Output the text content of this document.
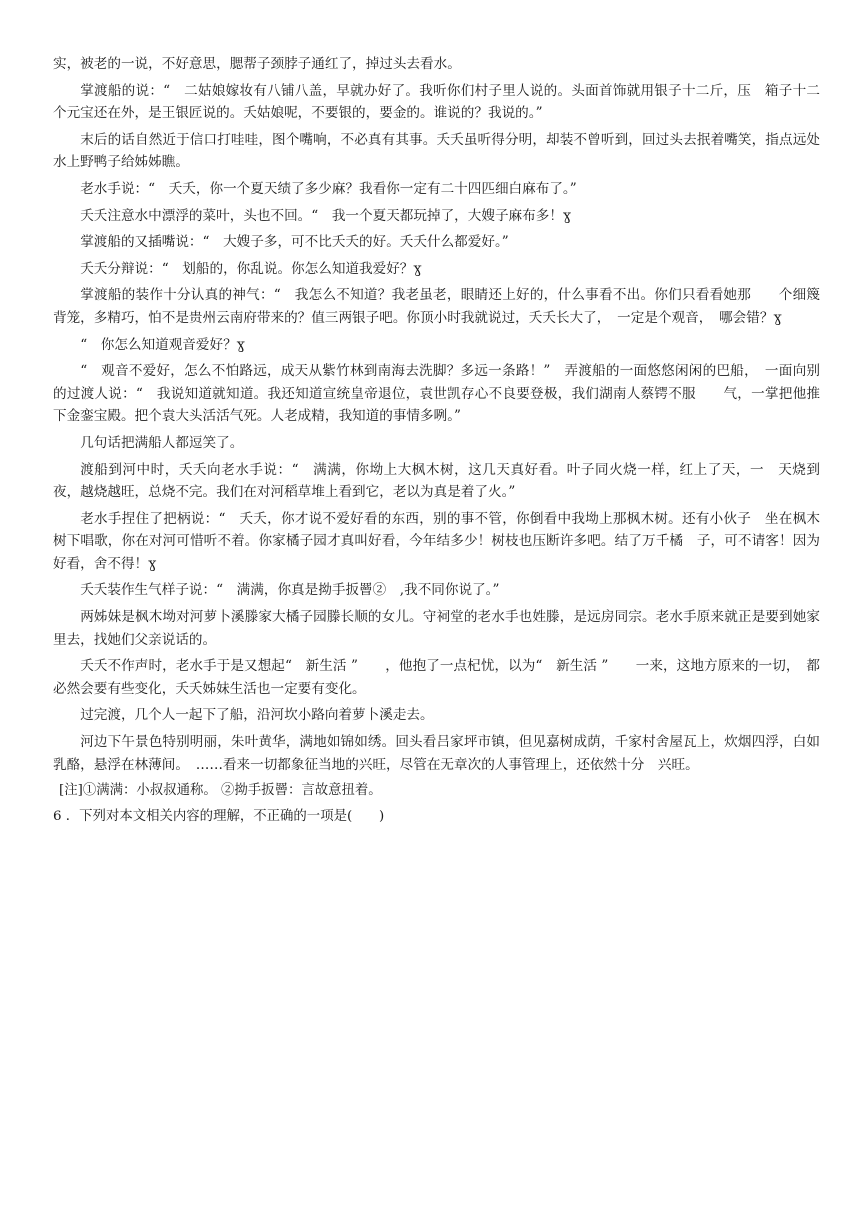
实，被老的一说，不好意思，腮帮子颈脖子通红了，掉过头去看水。

掌渡船的说：“　二姑娘嫁妆有八铺八盖，早就办好了。我听你们村子里人说的。头面首饰就用银子十二斤，压　箱子十二个元宝还在外，是王银匠说的。夭姑娘呢，不要银的，要金的。谁说的？我说的。”

末后的话自然近于信口打哇哇，图个嘴响，不必真有其事。夭夭虽听得分明，却装不曾听到，回过头去抿着嘴笑，指点远处水上野鸭子给姊姊瞧。

老水手说：“　夭夭，你一个夏天绩了多少麻？我看你一定有二十四匹细白麻布了。”

夭夭注意水中漂浮的菜叶，头也不回。“　我一个夏天都玩掉了，大嫂子麻布多！ɣ

掌渡船的又插嘴说：“　大嫂子多，可不比夭夭的好。夭夭什么都爱好。”

夭夭分辩说：“　划船的，你乱说。你怎么知道我爱好？ɣ

掌渡船的装作十分认真的神气：“　我怎么不知道？我老虽老，眼睛还上好的，什么事看不出。你们只看看她那　　个细篾背笼，多精巧，怕不是贵州云南府带来的？值三两银子吧。你顶小时我就说过，夭夭长大了，　一定是个观音，　哪会错？ɣ

“　你怎么知道观音爱好？ɣ

“　观音不爱好，怎么不怕路远，成天从紫竹林到南海去洗脚？多远一条路！”　弄渡船的一面悠悠闲闲的巴船，　一面向别的过渡人说：“　我说知道就知道。我还知道宣统皇帝退位，袁世凯存心不良要登极，我们湖南人蔡锷不服　　气，一掌把他推下金銮宝殿。把个袁大头活活气死。人老成精，我知道的事情多咧。”

几句话把满船人都逗笑了。

渡船到河中时，夭夭向老水手说：“　满满，你坳上大枫木树，这几天真好看。叶子同火烧一样，红上了天，一　天烧到夜，越烧越旺，总烧不完。我们在对河稻草堆上看到它，老以为真是着了火。”

老水手捏住了把柄说：“　夭夭，你才说不爱好看的东西，别的事不管，你倒看中我坳上那枫木树。还有小伙子　坐在枫木树下唱歌，你在对河可惜听不着。你家橘子园才真叫好看，今年结多少！树枝也压断许多吧。结了万千橘　子，可不请客！因为好看，舍不得！ɣ

夭夭装作生气样子说：“　满满，你真是拗手扳罾②　,我不同你说了。”

两姊妹是枫木坳对河萝卜溪滕家大橘子园滕长顺的女儿。守祠堂的老水手也姓滕，是远房同宗。老水手原来就正是要到她家里去，找她们父亲说话的。

夭夭不作声时，老水手于是又想起“　新生活 ”　　，他抱了一点杞忧，以为“　新生活 ”　　一来，这地方原来的一切，　都必然会要有些变化，夭夭姊妹生活也一定要有变化。

过完渡，几个人一起下了船，沿河坎小路向着萝卜溪走去。

河边下午景色特别明丽，朱叶黄华，满地如锦如绣。回头看吕家坪市镇，但见嘉树成荫，千家村舍屋瓦上，炊烟四浮，白如乳酪，悬浮在林薄间。　……看来一切都象征当地的兴旺，尽管在无章次的人事管理上，还依然十分　兴旺。

[注]①满满：小叔叔通称。 ②拗手扳罾：言故意扭着。
6 ．下列对本文相关内容的理解，不正确的一项是(　　)
